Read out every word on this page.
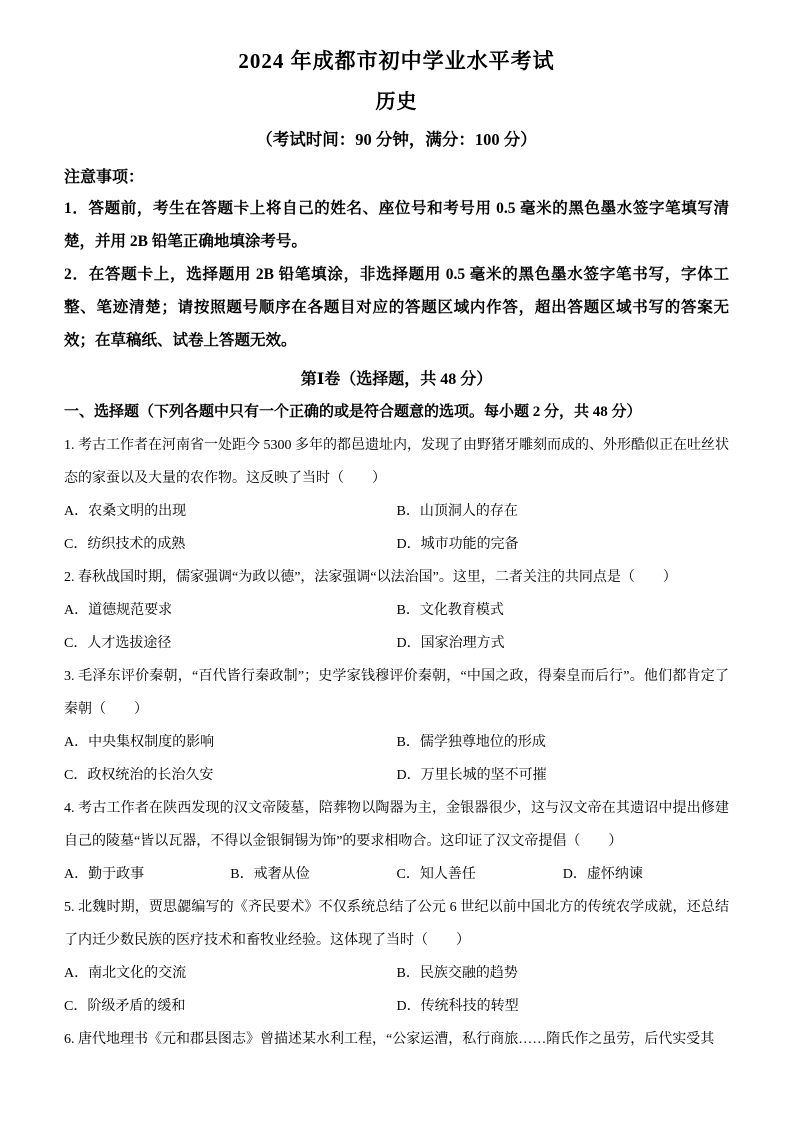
2024 年成都市初中学业水平考试
历史

（考试时间：90 分钟，满分：100 分）

注意事项：

1．答题前，考生在答题卡上将自己的姓名、座位号和考号用 0.5 毫米的黑色墨水签字笔填写清楚，并用 2B 铅笔正确地填涂考号。

2．在答题卡上，选择题用 2B 铅笔填涂，非选择题用 0.5 毫米的黑色墨水签字笔书写，字体工整、笔迹清楚；请按照题号顺序在各题目对应的答题区域内作答，超出答题区域书写的答案无效；在草稿纸、试卷上答题无效。

第Ⅰ卷（选择题，共 48 分）

一、选择题（下列各题中只有一个正确的或是符合题意的选项。每小题 2 分，共 48 分）

1. 考古工作者在河南省一处距今 5300 多年的都邑遗址内，发现了由野猪牙雕刻而成的、外形酷似正在吐丝状态的家蚕以及大量的农作物。这反映了当时（　　）

A．农桑文明的出现	B．山顶洞人的存在
C．纺织技术的成熟	D．城市功能的完备

2. 春秋战国时期，儒家强调“为政以德”，法家强调“以法治国”。这里，二者关注的共同点是（　　）

A．道德规范要求	B．文化教育模式
C．人才选拔途径	D．国家治理方式

3. 毛泽东评价秦朝，“百代皆行秦政制”；史学家钱穆评价秦朝，“中国之政，得秦皇而后行”。他们都肯定了秦朝（　　）

A．中央集权制度的影响	B．儒学独尊地位的形成
C．政权统治的长治久安	D．万里长城的坚不可摧

4. 考古工作者在陕西发现的汉文帝陵墓，陪葬物以陶器为主，金银器很少，这与汉文帝在其遗诏中提出修建自己的陵墓“皆以瓦器，不得以金银铜锡为饰”的要求相吻合。这印证了汉文帝提倡（　　）

A．勤于政事	B．戒奢从俭	C．知人善任	D．虚怀纳谏

5. 北魏时期，贾思勰编写的《齐民要术》不仅系统总结了公元 6 世纪以前中国北方的传统农学成就，还总结了内迁少数民族的医疗技术和畜牧业经验。这体现了当时（　　）

A．南北文化的交流	B．民族交融的趋势
C．阶级矛盾的缓和	D．传统科技的转型

6. 唐代地理书《元和郡县图志》曾描述某水利工程，“公家运漕，私行商旅……隋氏作之虽劳，后代实受其
